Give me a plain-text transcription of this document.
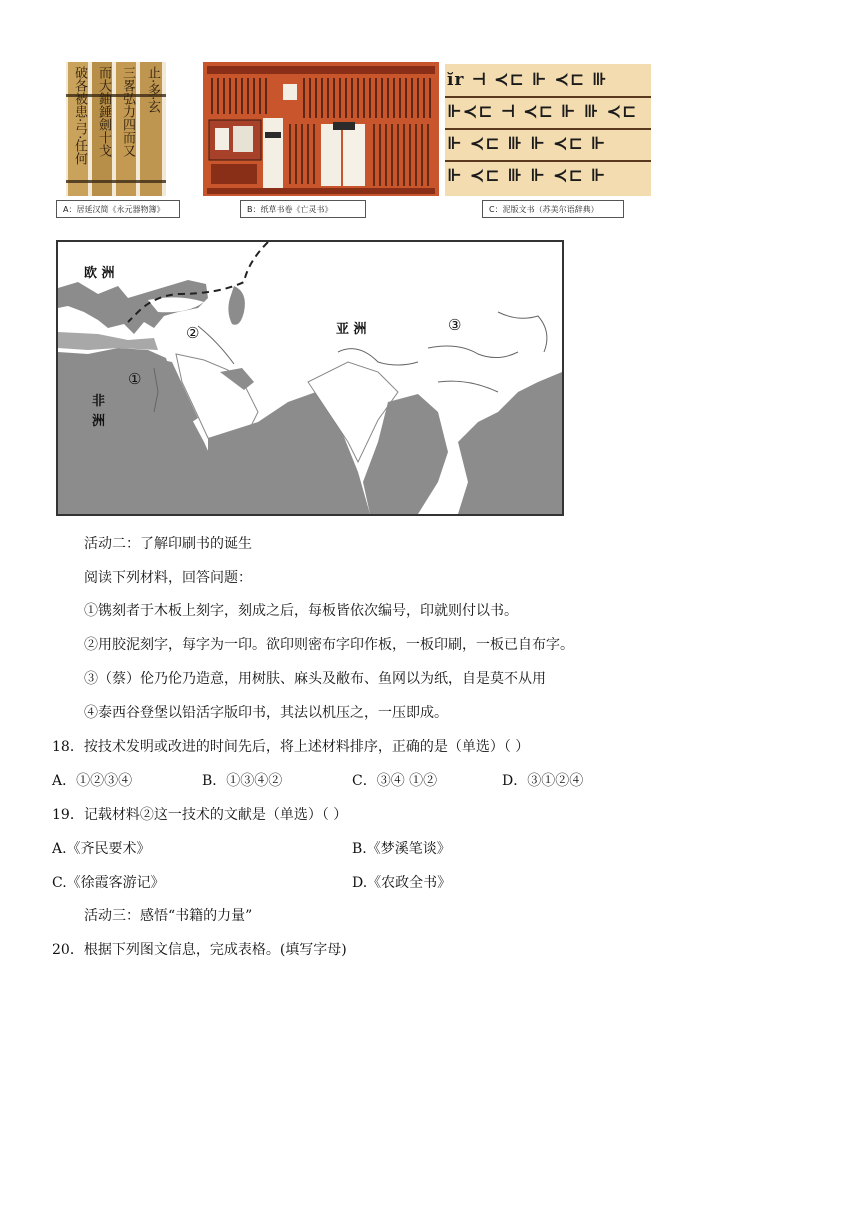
破各被患·弓·任何 而大鈾錘劍十戈 三畧弘力四而又 止·多·玄
A：居延汉简《永元器物簿》	B：纸草书卷《亡灵书》
ĭr ⊣ ≺⊏ ⊩ ≺⊏ ⊪
⊩≺⊏ ⊣ ≺⊏ ⊩ ⊪ ≺⊏
⊩ ≺⊏ ⊪ ⊩ ≺⊏ ⊩
⊩ ≺⊏ ⊪ ⊩ ≺⊏ ⊩
C：泥版文书（苏美尔语辞典）
欧 洲
亚 洲
非
洲
①
②	③
活动二：了解印刷书的诞生
阅读下列材料，回答问题：
①镌刻者于木板上刻字，刻成之后，每板皆依次编号，印就则付以书。
②用胶泥刻字，每字为一印。欲印则密布字印作板，一板印刷，一板已自布字。
③（蔡）伦乃伦乃造意，用树肤、麻头及敝布、鱼网以为纸，自是莫不从用
④泰西谷登堡以铅活字版印书，其法以机压之，一压即成。
18．按技术发明或改进的时间先后，将上述材料排序，正确的是（单选）（ ）
A．①②③④	B．①③④②	C．③④ ①②	D．③①②④
19．记载材料②这一技术的文献是（单选）（ ）
A.《齐民要术》	B.《梦溪笔谈》
C.《徐霞客游记》	D.《农政全书》
活动三：感悟“书籍的力量”
20．根据下列图文信息，完成表格。(填写字母)
